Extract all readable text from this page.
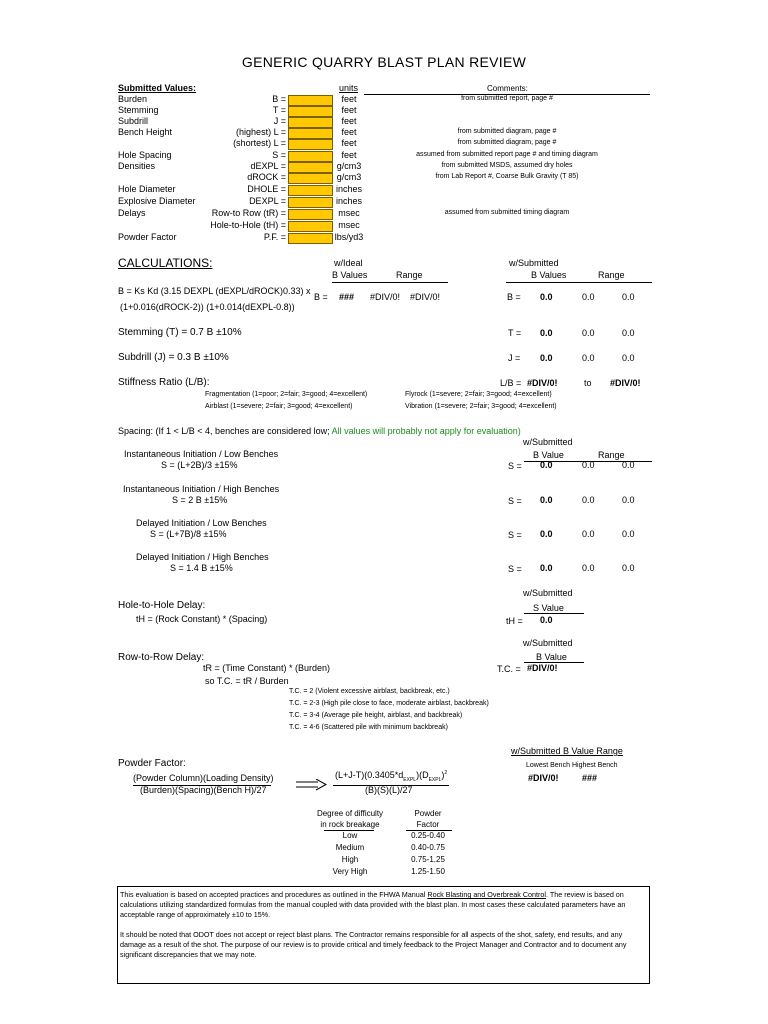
GENERIC QUARRY BLAST PLAN REVIEW
Submitted Values:	units	Comments:
Burden	B =	feet	from submitted report, page #
Stemming	T =	feet
Subdrill	J =	feet
Bench Height	(highest) L =	feet	from submitted diagram, page #
(shortest) L =	feet	from submitted diagram, page #
Hole Spacing	S =	feet	assumed from submitted report page # and timing diagram
Densities	dEXPL =	g/cm3	from submitted MSDS, assumed dry holes
dROCK =	g/cm3	from Lab Report #, Coarse Bulk Gravity (T 85)
Hole Diameter	DHOLE =	inches
Explosive Diameter	DEXPL =	inches
Delays	Row-to Row (tR) =	msec	assumed from submitted timing diagram
Hole-to-Hole (tH) =	msec
Powder Factor	P.F. =	lbs/yd3
CALCULATIONS:	w/Ideal
B Values	Range
w/Submitted
B Values	Range
B = Ks Kd (3.15 DEXPL (dEXPL/dROCK)0.33) x
(1+0.016(dROCK-2)) (1+0.014(dEXPL-0.8))
B = ### #DIV/0! #DIV/0!	B = 0.0	0.0	0.0
Stemming (T) = 0.7 B ±10%	T = 0.0	0.0	0.0
Subdrill (J) = 0.3 B ±10%	J = 0.0	0.0	0.0
Stiffness Ratio (L/B):	L/B = #DIV/0!	to #DIV/0!
Fragmentation (1=poor; 2=fair; 3=good; 4=excellent)	Flyrock (1=severe; 2=fair; 3=good; 4=excellent)
Airblast (1=severe; 2=fair; 3=good; 4=excellent)	Vibration (1=severe; 2=fair; 3=good; 4=excellent)
Spacing: (If 1 < L/B < 4, benches are considered low; All values will probably not apply for evaluation)
w/Submitted
B Value	Range
Instantaneous Initiation / Low Benches
S = (L+2B)/3 ±15%	S = 0.0	0.0	0.0
Instantaneous Initiation / High Benches
S = 2 B ±15%	S = 0.0	0.0	0.0
Delayed Initiation / Low Benches
S = (L+7B)/8 ±15%	S = 0.0	0.0	0.0
Delayed Initiation / High Benches
S = 1.4 B ±15%	S = 0.0	0.0	0.0
Hole-to-Hole Delay:
tH = (Rock Constant) * (Spacing)
w/Submitted
S Value
tH = 0.0
Row-to-Row Delay:
tR = (Time Constant) * (Burden)
so T.C. = tR / Burden
w/Submitted
B Value
T.C. = #DIV/0!
T.C. = 2 (Violent excessive airblast, backbreak, etc.)
T.C. = 2-3 (High pile close to face, moderate airblast, backbreak)
T.C. = 3-4 (Average pile height, airblast, and backbreak)
T.C. = 4-6 (Scattered pile with minimum backbreak)
w/Submitted B Value Range
Powder Factor:
(Powder Column)(Loading Density)
(Burden)(Spacing)(Bench H)/27
$(L+J-T)(0.3405*d_{EXPL})(D_{EXPL})^2$
(B)(S)(L)/27
Lowest Bench Highest Bench
#DIV/0!	###
Degree of difficulty
in rock breakage
Powder
Factor
Low	0.25-0.40
Medium	0.40-0.75
High	0.75-1.25
Very High	1.25-1.50

This evaluation is based on accepted practices and procedures as outlined in the FHWA Manual Rock Blasting and Overbreak Control. The review is based on calculations utilizing standardized formulas from the manual coupled with data provided with the blast plan. In most cases these calculated parameters have an acceptable range of approximately ±10 to 15%.

It should be noted that ODOT does not accept or reject blast plans. The Contractor remains responsible for all aspects of the shot, safety, end results, and any damage as a result of the shot. The purpose of our review is to provide critical and timely feedback to the Project Manager and Contractor and to document any significant discrepancies that we may note.
